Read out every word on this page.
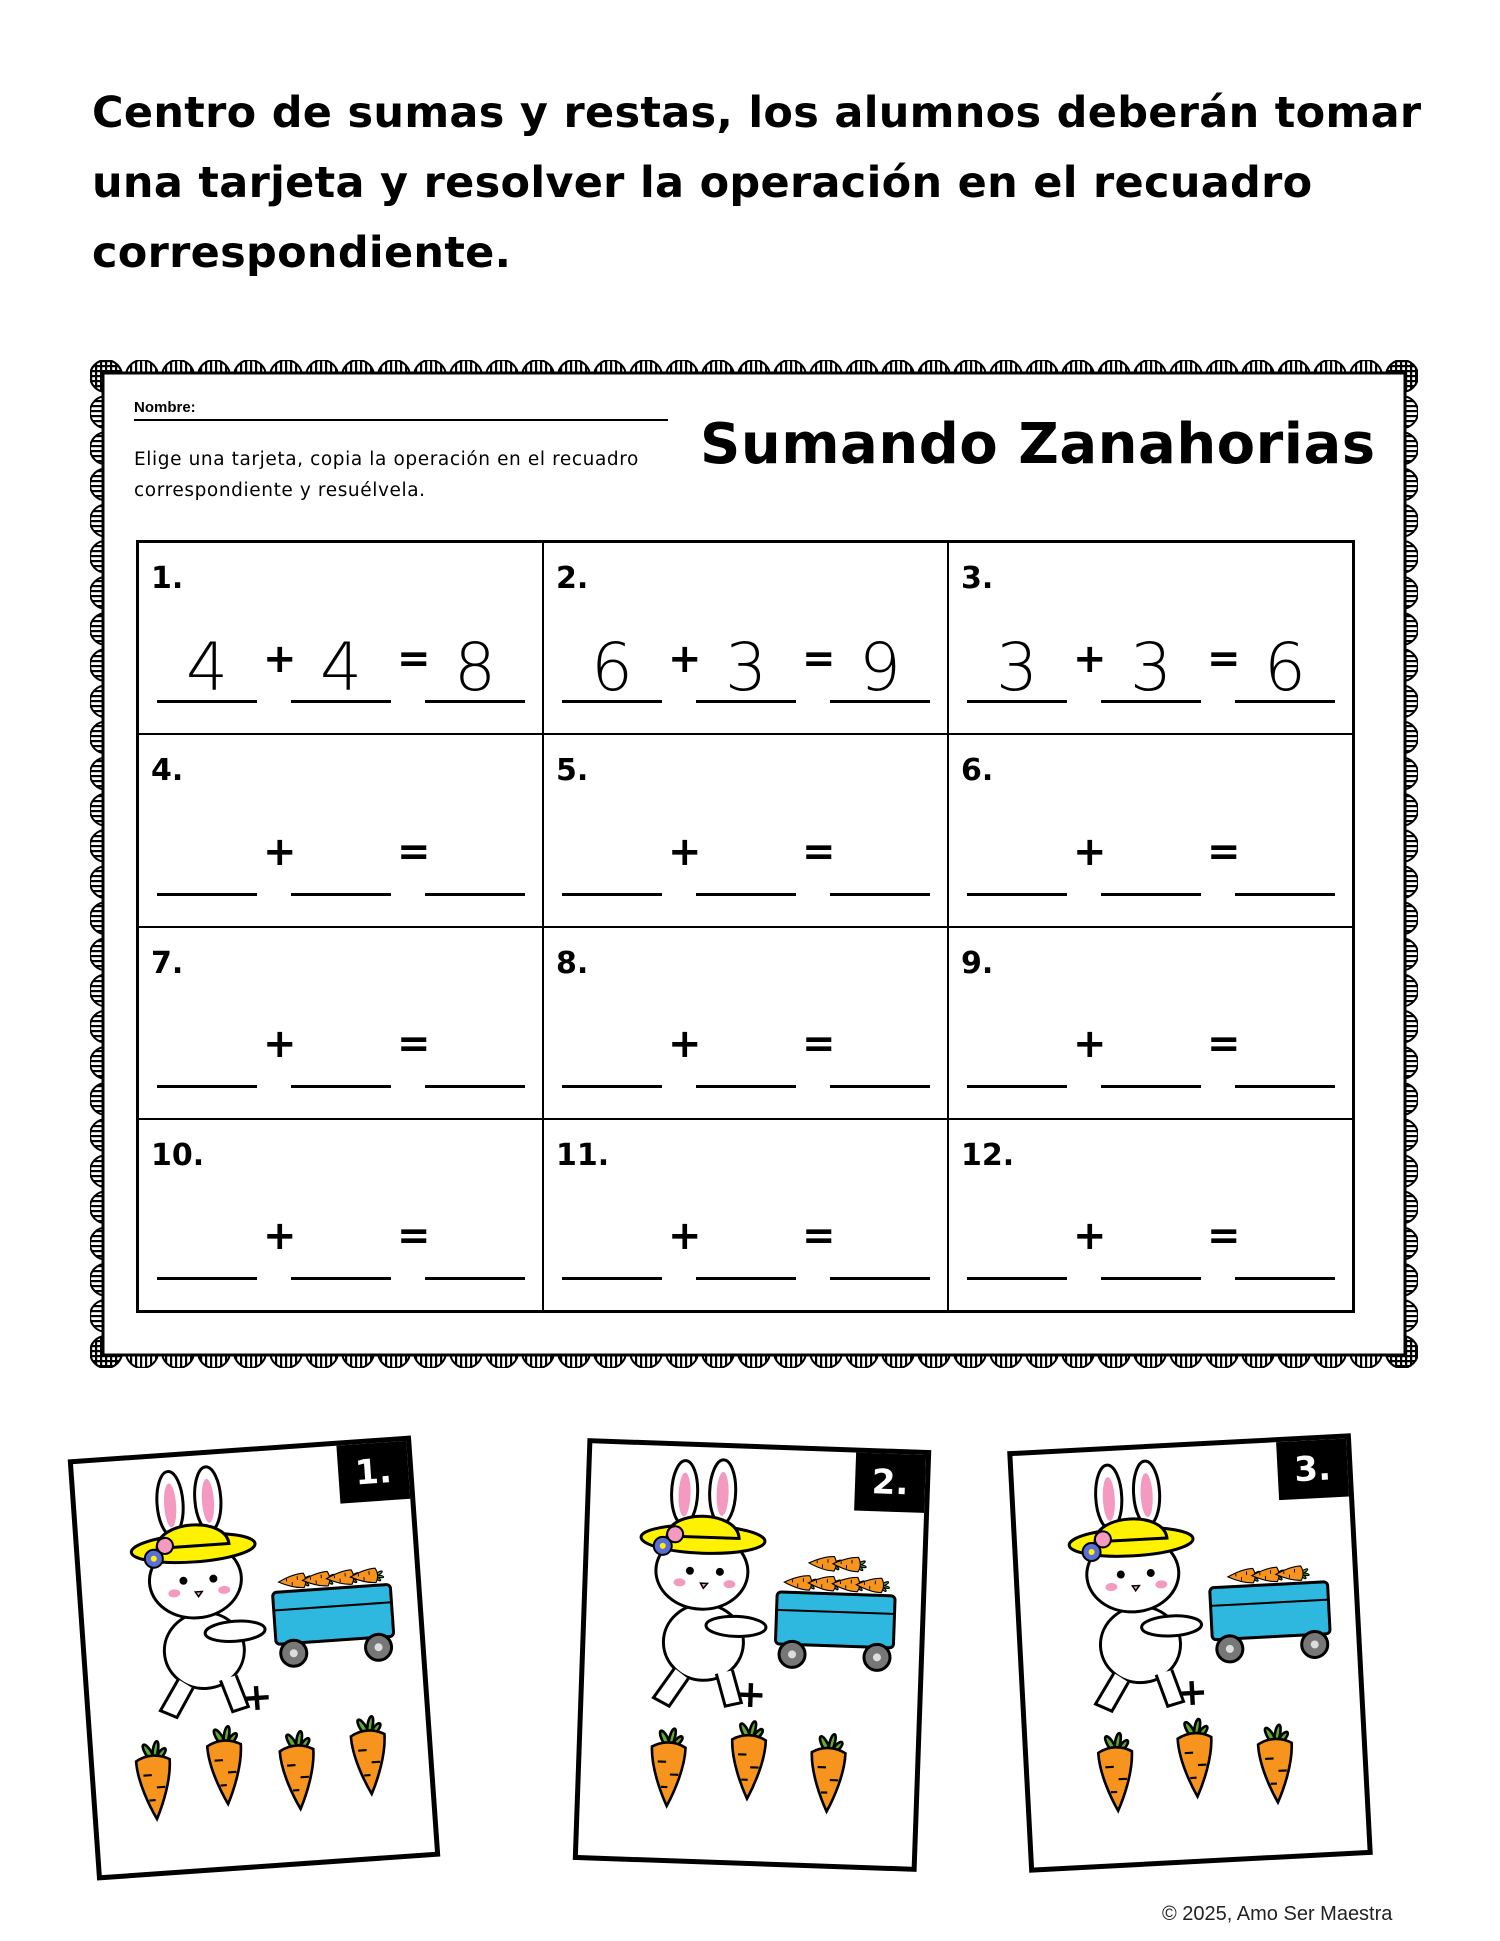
Centro de sumas y restas, los alumnos deberán tomar una tarjeta y resolver la operación en el recuadro correspondiente.
Nombre:
Elige una tarjeta, copia la operación en el recuadro correspondiente y resuélvela.
Sumando Zanahorias
1.
4 + 4 = 8
2.
6 + 3 = 9
3.
3 + 3 = 6
4.
+	=
5.
+	=
6.
+	=
7.
+	=
8.
+	=
9.
+	=
10.
+	=
11.
+	=
12.
+	=
+
1.
+
2.
+
3.
© 2025, Amo Ser Maestra
